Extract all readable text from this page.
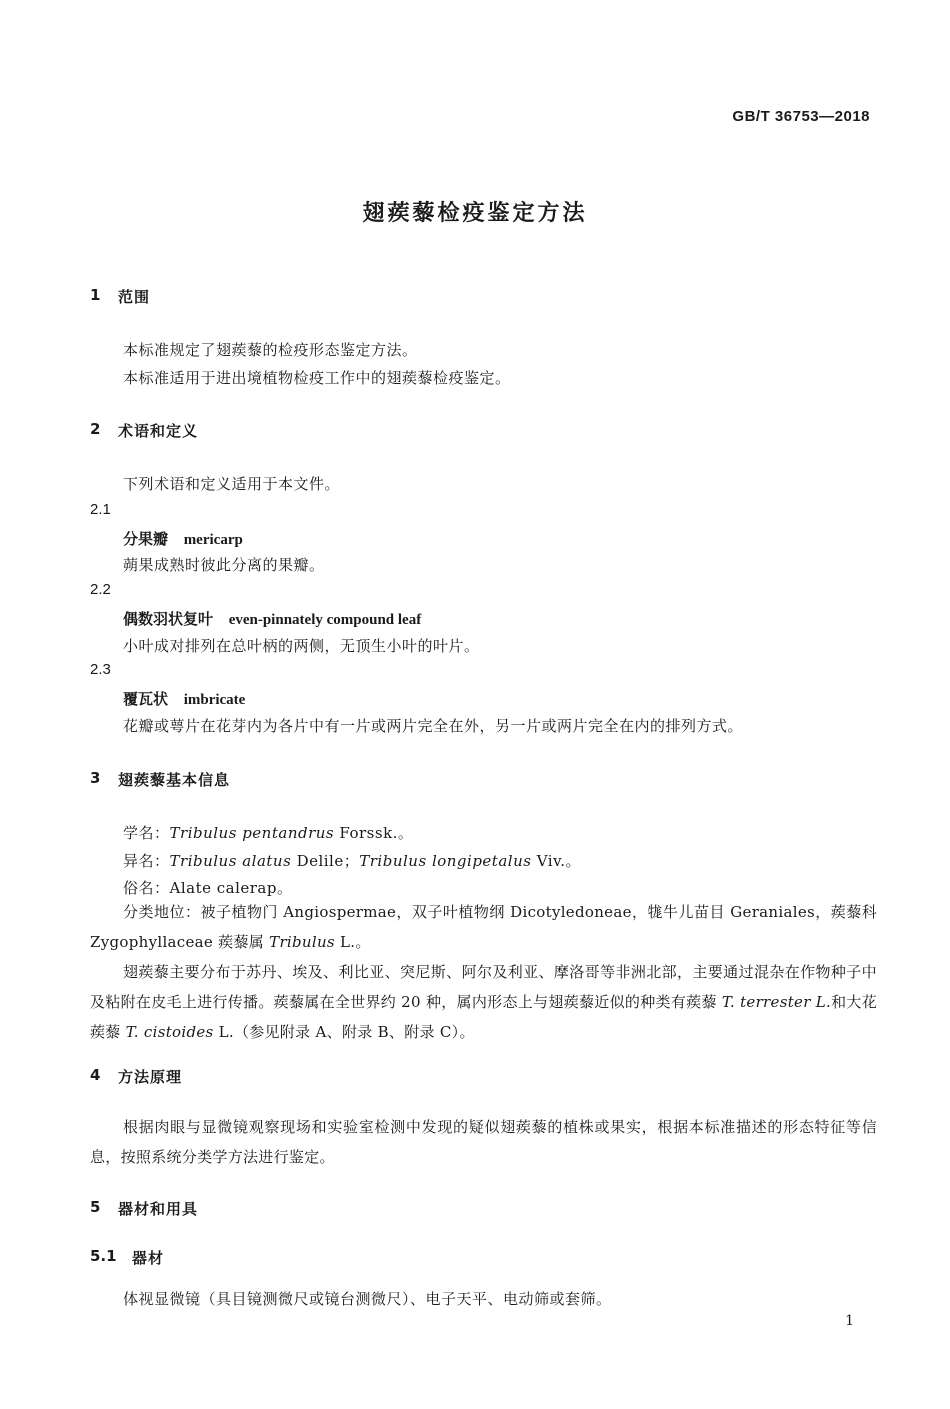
GB/T 36753—2018
翅蒺藜检疫鉴定方法
1 范围
本标准规定了翅蒺藜的检疫形态鉴定方法。
本标准适用于进出境植物检疫工作中的翅蒺藜检疫鉴定。
2 术语和定义
下列术语和定义适用于本文件。
2.1
分果瓣 mericarp
蒴果成熟时彼此分离的果瓣。
2.2
偶数羽状复叶 even-pinnately compound leaf
小叶成对排列在总叶柄的两侧，无顶生小叶的叶片。
2.3
覆瓦状 imbricate
花瓣或萼片在花芽内为各片中有一片或两片完全在外，另一片或两片完全在内的排列方式。
3 翅蒺藜基本信息
学名：Tribulus pentandrus Forssk.。
异名：Tribulus alatus Delile；Tribulus longipetalus Viv.。
俗名：Alate calerap。
分类地位：被子植物门 Angiospermae，双子叶植物纲 Dicotyledoneae，牻牛儿苗目 Geraniales，蒺藜科 Zygophyllaceae 蒺藜属 Tribulus L.。
翅蒺藜主要分布于苏丹、埃及、利比亚、突尼斯、阿尔及利亚、摩洛哥等非洲北部，主要通过混杂在作物种子中及粘附在皮毛上进行传播。蒺藜属在全世界约 20 种，属内形态上与翅蒺藜近似的种类有蒺藜 T. terrester L.和大花蒺藜 T. cistoides L.（参见附录 A、附录 B、附录 C）。
4 方法原理
根据肉眼与显微镜观察现场和实验室检测中发现的疑似翅蒺藜的植株或果实，根据本标准描述的形态特征等信息，按照系统分类学方法进行鉴定。
5 器材和用具
5.1 器材
体视显微镜（具目镜测微尺或镜台测微尺）、电子天平、电动筛或套筛。
1
